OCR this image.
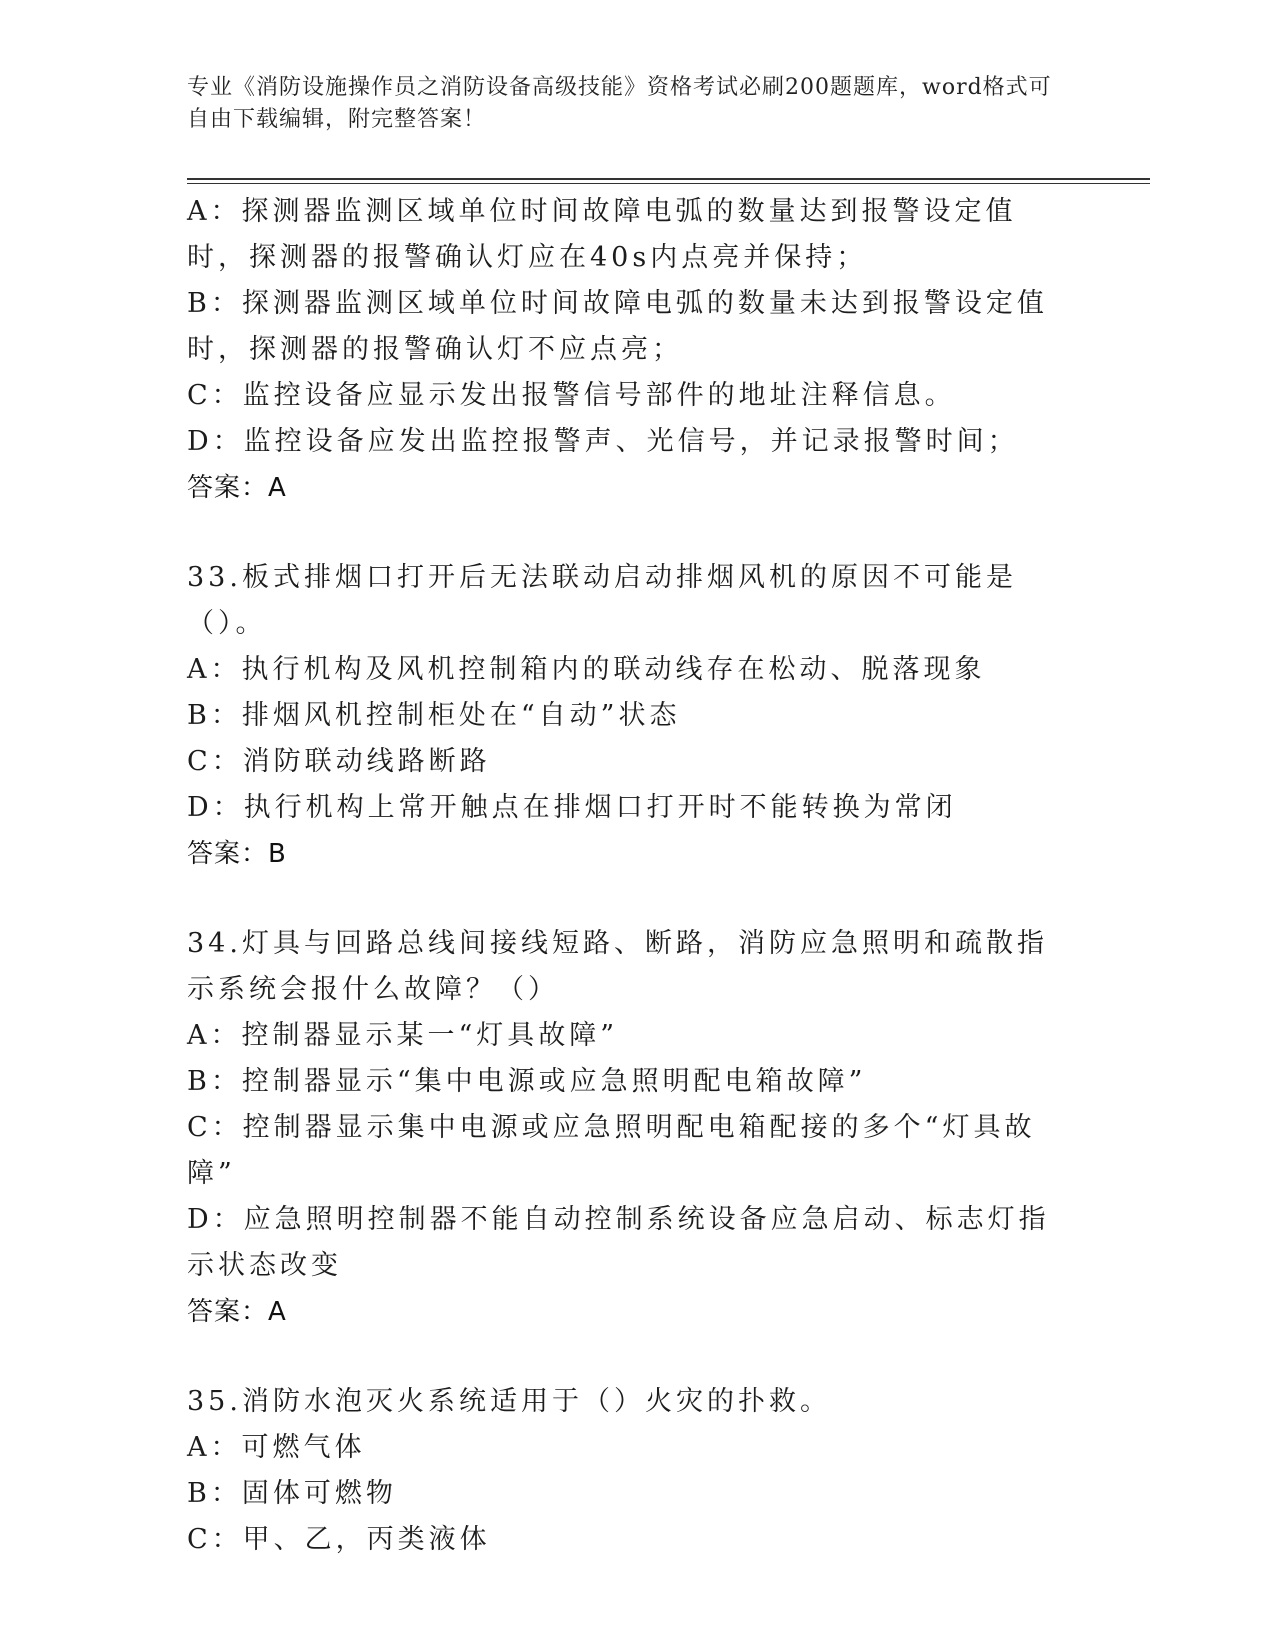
专业《消防设施操作员之消防设备高级技能》资格考试必刷200题题库，word格式可自由下载编辑，附完整答案！
A：探测器监测区域单位时间故障电弧的数量达到报警设定值时，探测器的报警确认灯应在40s内点亮并保持；
B：探测器监测区域单位时间故障电弧的数量未达到报警设定值时，探测器的报警确认灯不应点亮；
C：监控设备应显示发出报警信号部件的地址注释信息。
D：监控设备应发出监控报警声、光信号，并记录报警时间；
答案：A
33.板式排烟口打开后无法联动启动排烟风机的原因不可能是（）。
A：执行机构及风机控制箱内的联动线存在松动、脱落现象
B：排烟风机控制柜处在“自动”状态
C：消防联动线路断路
D：执行机构上常开触点在排烟口打开时不能转换为常闭
答案：B
34.灯具与回路总线间接线短路、断路，消防应急照明和疏散指示系统会报什么故障？（）
A：控制器显示某一“灯具故障”
B：控制器显示“集中电源或应急照明配电箱故障”
C：控制器显示集中电源或应急照明配电箱配接的多个“灯具故障”
D：应急照明控制器不能自动控制系统设备应急启动、标志灯指示状态改变
答案：A
35.消防水泡灭火系统适用于（）火灾的扑救。
A：可燃气体
B：固体可燃物
C：甲、乙，丙类液体
